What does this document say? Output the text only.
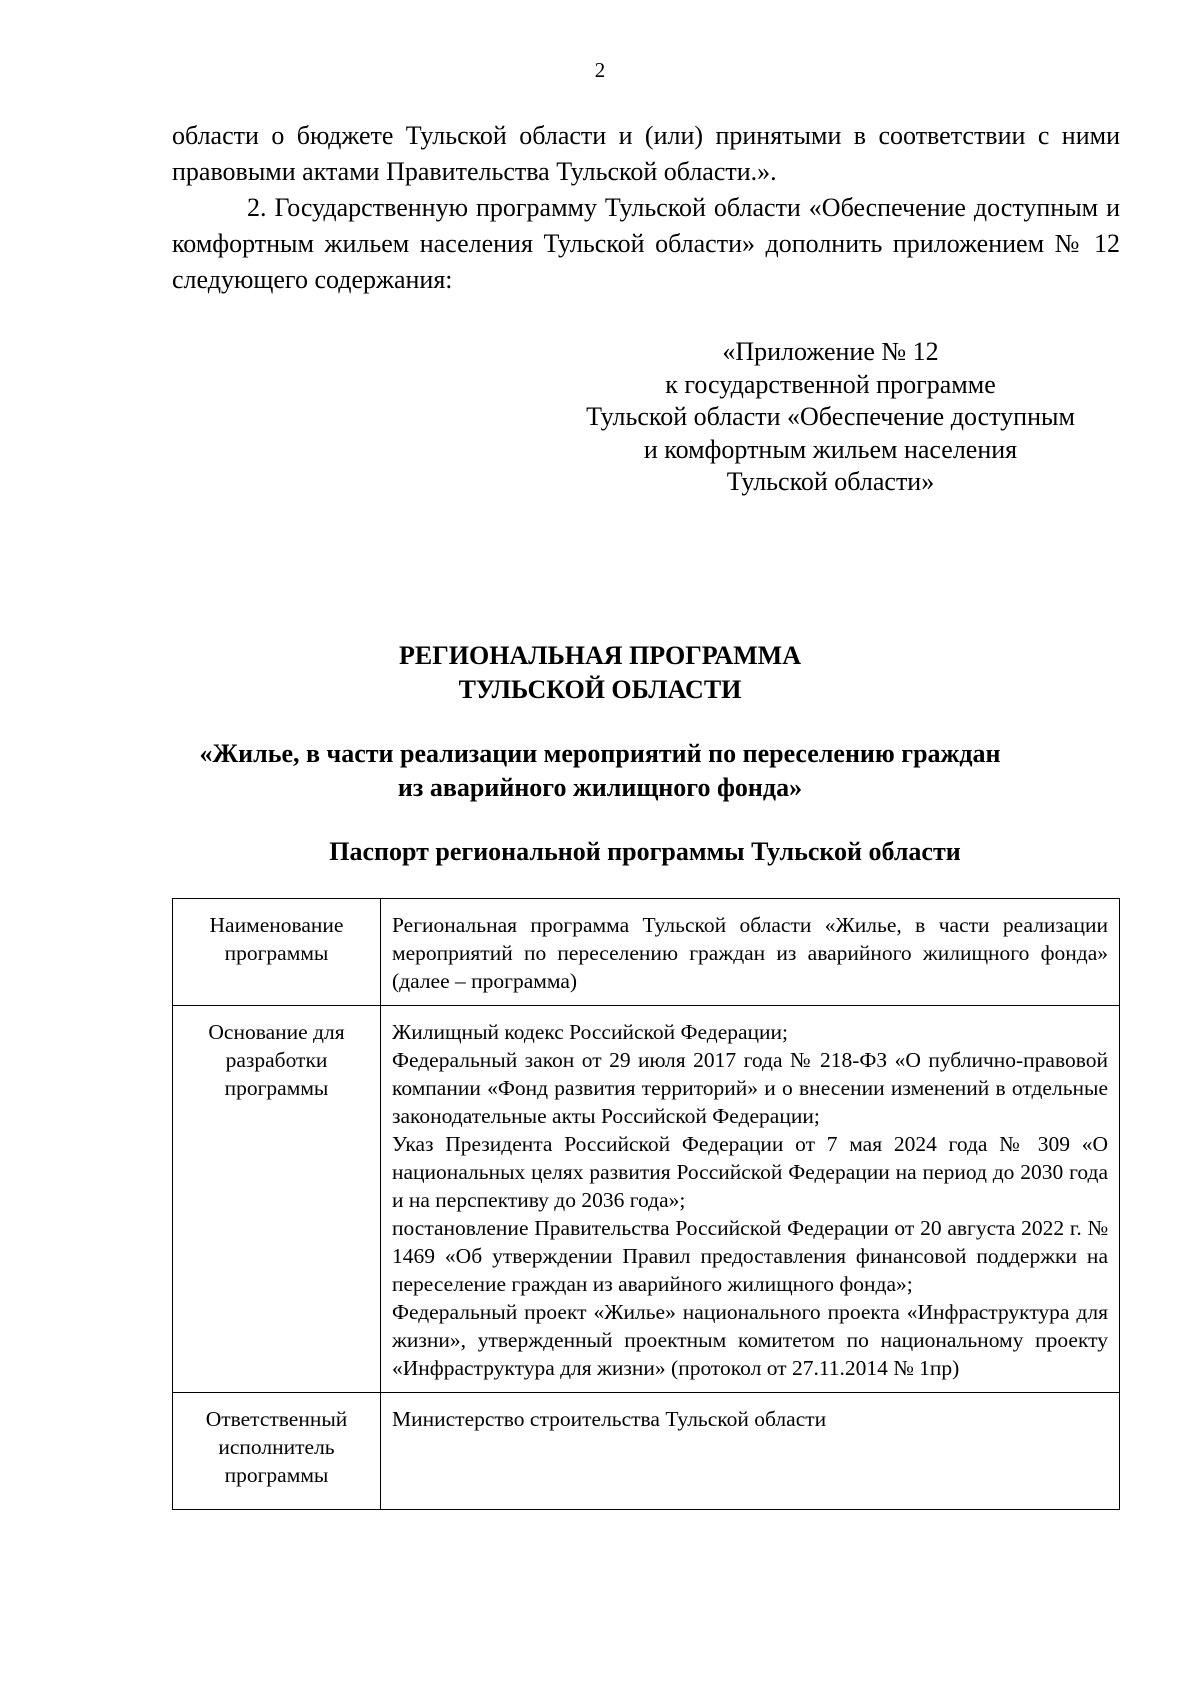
2
области о бюджете Тульской области и (или) принятыми в соответствии с ними правовыми актами Правительства Тульской области.».
2. Государственную программу Тульской области «Обеспечение доступным и комфортным жильем населения Тульской области» дополнить приложением № 12 следующего содержания:
«Приложение № 12
к государственной программе
Тульской области «Обеспечение доступным
и комфортным жильем населения
Тульской области»
РЕГИОНАЛЬНАЯ ПРОГРАММА
ТУЛЬСКОЙ ОБЛАСТИ
«Жилье, в части реализации мероприятий по переселению граждан
из аварийного жилищного фонда»
Паспорт региональной программы Тульской области
Наименование программы	Региональная программа Тульской области «Жилье, в части реализации мероприятий по переселению граждан из аварийного жилищного фонда» (далее – программа)
Основание для разработки программы	Жилищный кодекс Российской Федерации;
Федеральный закон от 29 июля 2017 года № 218-ФЗ «О публично-правовой компании «Фонд развития территорий» и о внесении изменений в отдельные законодательные акты Российской Федерации;
Указ Президента Российской Федерации от 7 мая 2024 года № 309 «О национальных целях развития Российской Федерации на период до 2030 года и на перспективу до 2036 года»;
постановление Правительства Российской Федерации от 20 августа 2022 г. № 1469 «Об утверждении Правил предоставления финансовой поддержки на переселение граждан из аварийного жилищного фонда»;
Федеральный проект «Жилье» национального проекта «Инфраструктура для жизни», утвержденный проектным комитетом по национальному проекту «Инфраструктура для жизни» (протокол от 27.11.2014 № 1пр)

Ответственный исполнитель программы	Министерство строительства Тульской области
